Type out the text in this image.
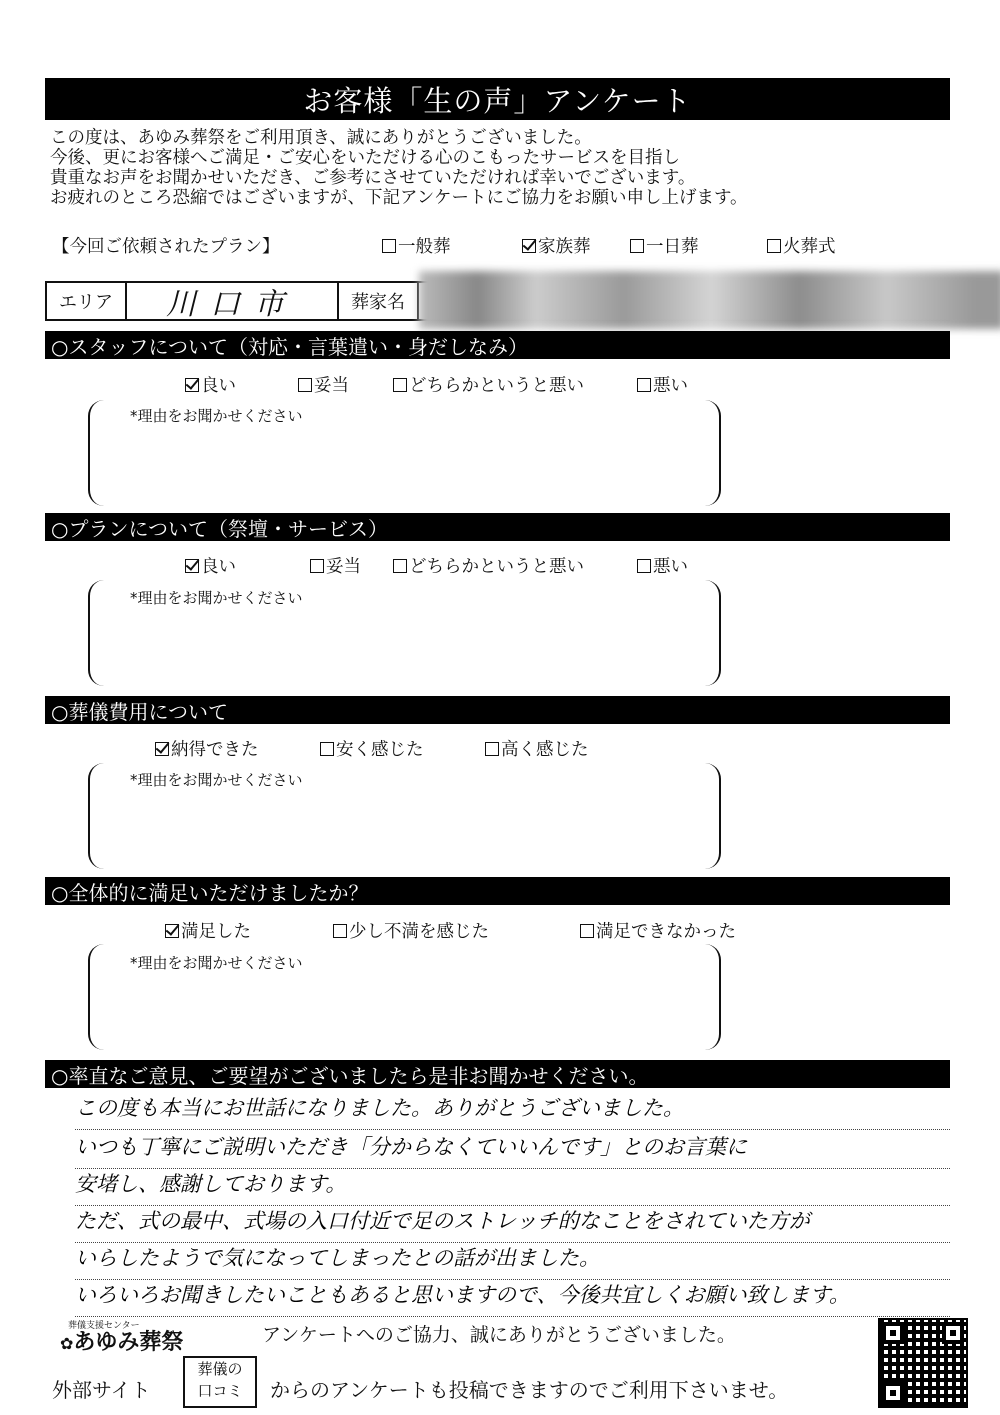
お客様「生の声」アンケート
この度は、あゆみ葬祭をご利用頂き、誠にありがとうございました。
今後、更にお客様へご満足・ご安心をいただける心のこもったサービスを目指し
貴重なお声をお聞かせいただき、ご参考にさせていただければ幸いでございます。
お疲れのところ恐縮ではございますが、下記アンケートにご協力をお願い申し上げます。
【今回ご依頼されたプラン】	一般葬	家族葬	一日葬	火葬式
エリア	川口市	葬家名
○スタッフについて（対応・言葉遣い・身だしなみ）
良い	妥当	どちらかというと悪い	悪い
*理由をお聞かせください
○プランについて（祭壇・サービス）
良い	妥当	どちらかというと悪い	悪い
*理由をお聞かせください
○葬儀費用について
納得できた	安く感じた	高く感じた
*理由をお聞かせください
○全体的に満足いただけましたか？
満足した	少し不満を感じた	満足できなかった
*理由をお聞かせください
○率直なご意見、ご要望がございましたら是非お聞かせください。
この度も本当にお世話になりました。ありがとうございました。
いつも丁寧にご説明いただき「分からなくていいんです」とのお言葉に
安堵し、感謝しております。
ただ、式の最中、式場の入口付近で足のストレッチ的なことをされていた方が
いらしたようで気になってしまったとの話が出ました。
いろいろお聞きしたいこともあると思いますので、今後共宜しくお願い致します。
葬儀支援センター
✿あゆみ葬祭	アンケートへのご協力、誠にありがとうございました。
外部サイト
葬儀の
口コミ	からのアンケートも投稿できますのでご利用下さいませ。
